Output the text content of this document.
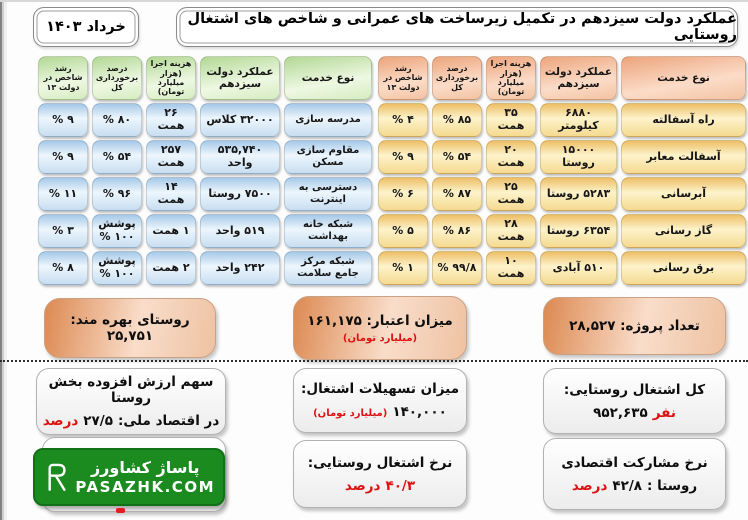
خرداد ۱۴۰۳	عملکرد دولت سیزدهم در تکمیل زیرساخت های عمرانی و شاخص های اشتغال روستایی
نوع خدمت
عملکرد دولت سیزدهم
هزینه اجرا (هزار میلیارد تومان)
درصد برخورداری کل
رشد شاخص در دولت ۱۳
راه آسفالته
۶۸۸۰ کیلومتر
۳۵ همت
۸۵ %
۴ %
آسفالت معابر
۱۵۰۰۰ روستا
۲۰ همت
۵۴ %
۹ %
آبرسانی
۵۲۸۳ روستا
۲۵ همت
۸۷ %
۶ %
گاز رسانی
۶۳۵۴ روستا
۲۸ همت
۸۶ %
۵ %
برق رسانی
۵۱۰ آبادی
۱۰ همت
۹۹/۸ %
۱ %
نوع خدمت
عملکرد دولت سیزدهم
هزینه اجرا (هزار میلیارد تومان)
درصد برخورداری کل
رشد شاخص در دولت ۱۳
مدرسه سازی
۳۲۰۰۰ کلاس
۲۶ همت
۸۰ %
۹ %
مقاوم سازی مسکن
۵۳۵,۷۴۰ واحد
۲۵۷ همت
۵۴ %
۹ %
دسترسی به اینترنت
۷۵۰۰ روستا
۱۴ همت
۹۶ %
۱۱ %
شبکه خانه بهداشت
۵۱۹ واحد
۱ همت
پوشش ۱۰۰ %
۳ %
شبکه مرکز جامع سلامت
۲۴۲ واحد
۲ همت
پوشش ۱۰۰ %
۸ %
تعداد پروژه: ۲۸,۵۲۷
میزان اعتبار: ۱۶۱,۱۷۵
(میلیارد تومان)
روستای بهره مند: ۲۵,۷۵۱
کل اشتغال روستایی:
۹۵۲,۶۳۵ نفر
میزان تسهیلات اشتغال:
۱۴۰,۰۰۰
(میلیارد تومان)
سهم ارزش افزوده بخش روستا
در اقتصاد ملی:
۲۷/۵
درصد
نرخ مشارکت اقتصادی
روستا :
۴۲/۸
درصد
نرخ اشتغال روستایی:
۴۰/۳
درصد
پاساژ کشاورز
PASAZHK.COM
